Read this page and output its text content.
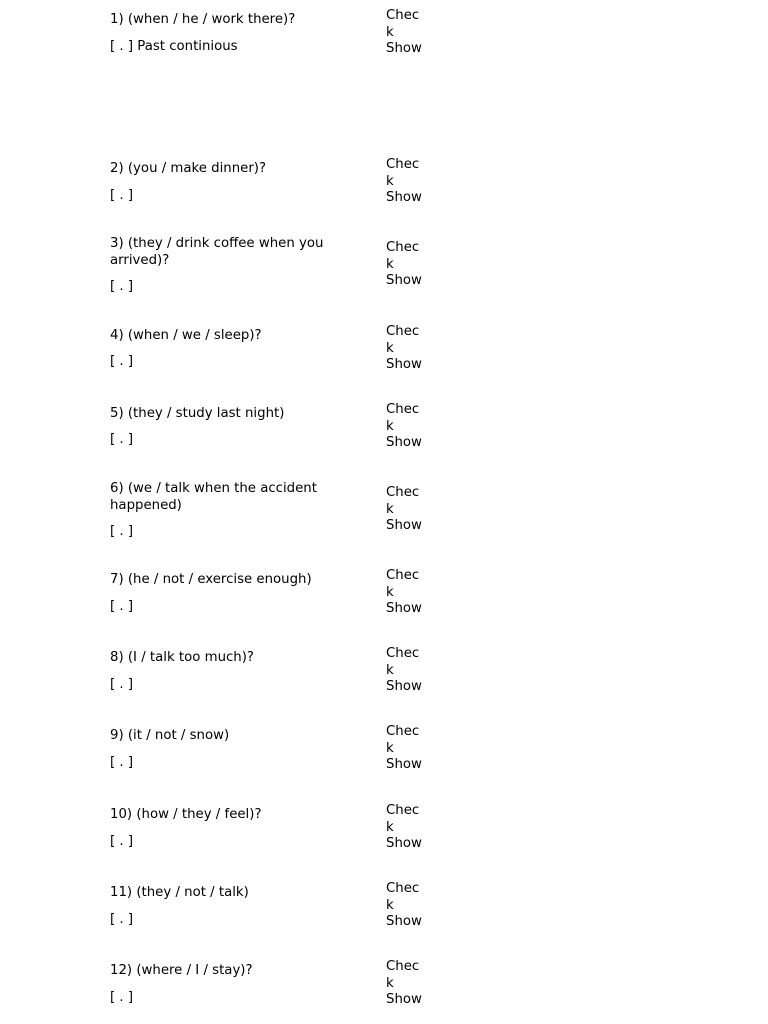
1) (when / he / work there)?
[ . ] Past continious
Check
Show
2) (you / make dinner)?
[ . ]
Check
Show
3) (they / drink coffee when you arrived)?
[ . ]
Check
Show
4) (when / we / sleep)?
[ . ]
Check
Show
5) (they / study last night)
[ . ]
Check
Show
6) (we / talk when the accident happened)
[ . ]
Check
Show
7) (he / not / exercise enough)
[ . ]
Check
Show
8) (I / talk too much)?
[ . ]
Check
Show
9) (it / not / snow)
[ . ]
Check
Show
10) (how / they / feel)?
[ . ]
Check
Show
11) (they / not / talk)
[ . ]
Check
Show
12) (where / I / stay)?
[ . ]
Check
Show
